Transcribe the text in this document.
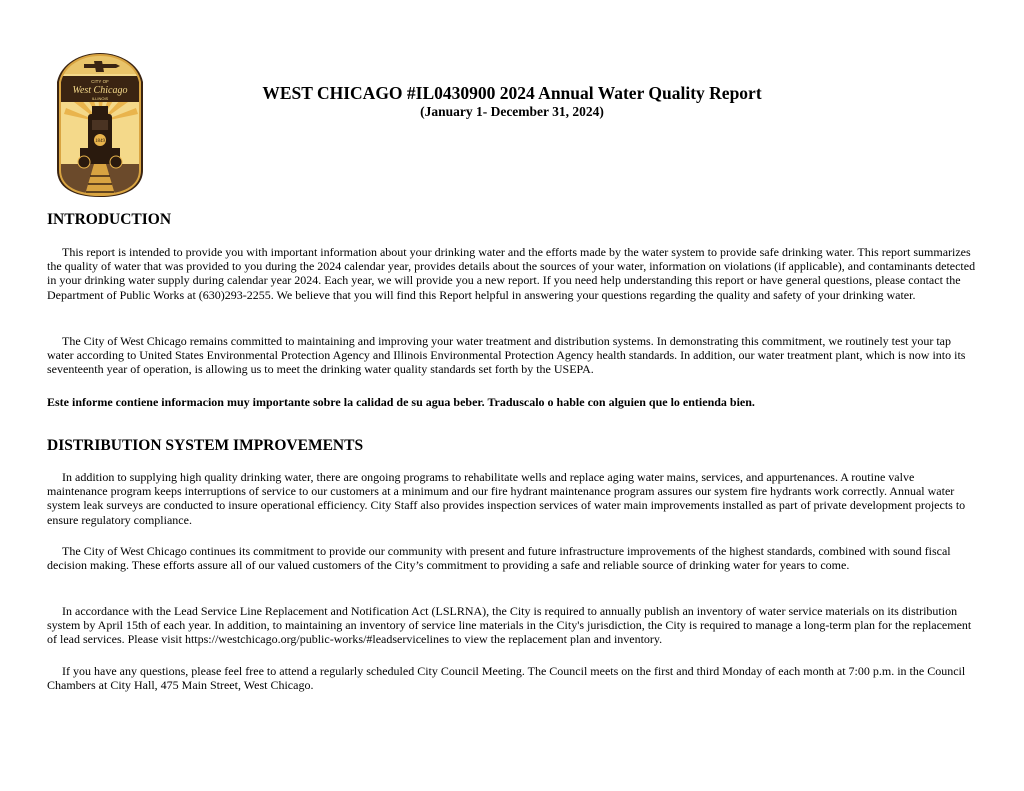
CITY OF
West Chicago
ILLINOIS
1849

WEST CHICAGO #IL0430900 2024 Annual Water Quality Report

(January 1- December 31, 2024)

INTRODUCTION

This report is intended to provide you with important information about your drinking water and the efforts made by the water system to provide safe drinking water. This report summarizes the quality of water that was provided to you during the 2024 calendar year, provides details about the sources of your water, information on violations (if applicable), and contaminants detected in your drinking water supply during calendar year 2024. Each year, we will provide you a new report. If you need help understanding this report or have general questions, please contact the Department of Public Works at (630)293-2255. We believe that you will find this Report helpful in answering your questions regarding the quality and safety of your drinking water.

The City of West Chicago remains committed to maintaining and improving your water treatment and distribution systems. In demonstrating this commitment, we routinely test your tap water according to United States Environmental Protection Agency and Illinois Environmental Protection Agency health standards. In addition, our water treatment plant, which is now into its seventeenth year of operation, is allowing us to meet the drinking water quality standards set forth by the USEPA.

Este informe contiene informacion muy importante sobre la calidad de su agua beber. Traduscalo o hable con alguien que lo entienda bien.

DISTRIBUTION SYSTEM IMPROVEMENTS

In addition to supplying high quality drinking water, there are ongoing programs to rehabilitate wells and replace aging water mains, services, and appurtenances. A routine valve maintenance program keeps interruptions of service to our customers at a minimum and our fire hydrant maintenance program assures our system fire hydrants work correctly. Annual water system leak surveys are conducted to insure operational efficiency. City Staff also provides inspection services of water main improvements installed as part of private development projects to ensure regulatory compliance.

The City of West Chicago continues its commitment to provide our community with present and future infrastructure improvements of the highest standards, combined with sound fiscal decision making. These efforts assure all of our valued customers of the City’s commitment to providing a safe and reliable source of drinking water for years to come.

In accordance with the Lead Service Line Replacement and Notification Act (LSLRNA), the City is required to annually publish an inventory of water service materials on its distribution system by April 15th of each year. In addition, to maintaining an inventory of service line materials in the City's jurisdiction, the City is required to manage a long-term plan for the replacement of lead services. Please visit https://westchicago.org/public-works/#leadservicelines to view the replacement plan and inventory.

If you have any questions, please feel free to attend a regularly scheduled City Council Meeting. The Council meets on the first and third Monday of each month at 7:00 p.m. in the Council Chambers at City Hall, 475 Main Street, West Chicago.
